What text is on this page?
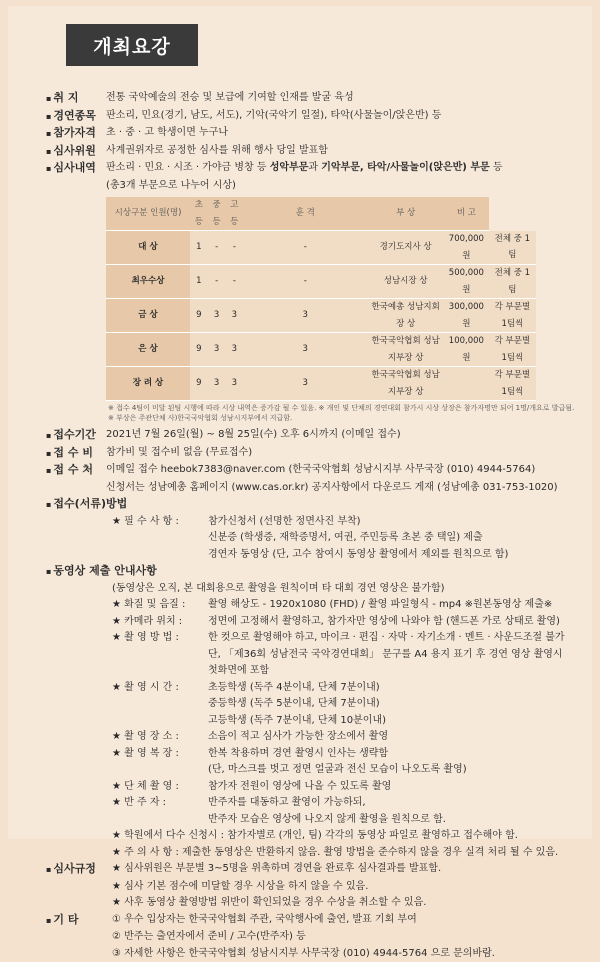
개최요강
▪ 취 지	전통 국악예술의 전승 및 보급에 기여할 인재를 발굴 육성
▪ 경연종목	판소리, 민요(경기, 남도, 서도), 기악(국악기 일절), 타악(사물놀이/앉은반) 등
▪ 참가자격	초 · 중 · 고 학생이면 누구나
▪ 심사위원	사계권위자로 공정한 심사를 위해 행사 당일 발표함
▪ 심사내역	판소리 · 민요 · 시조 · 가야금 병창 등 성악부문과 기악부문, 타악/사물놀이(앉은반) 부문 등
(총3개 부문으로 나누어 시상)
시상구분 인원(명)	초등	중등	고등	훈 격	부 상	비 고	
대 상	1	-	-	-	경기도지사 상	700,000원	전체 중 1팀
최우수상	1	-	-	-	성남시장 상	500,000원	전체 중 1팀
금 상	9	3	3	3	한국예총 성남지회장 상	300,000원	각 부문별 1팀씩
은 상	9	3	3	3	한국국악협회 성남지부장 상	100,000원	각 부문별 1팀씩
장 려 상	9	3	3	3	한국국악협회 성남지부장 상		각 부문별 1팀씩
※ 접수 4팀이 미달 된팀 시행에 따라 시상 내역은 증가감 될 수 있음. ※ 개인 및 단체의 경연대회 참가시 시상 상장은 참가자명만 되어 1명/개요로 발급됨.
※ 부상은 주관단체 사)한국국악협회 성남시지부에서 지급함.
▪ 접수기간	2021년 7월 26일(월) ~ 8월 25일(수) 오후 6시까지 (이메일 접수)
▪ 접 수 비	참가비 및 접수비 없음 (무료접수)
▪ 접 수 처	이메일 접수 heebok7383@naver.com (한국국악협회 성남시지부 사무국장 (010) 4944-5764)
신청서는 성남예총 홈페이지 (www.cas.or.kr) 공지사항에서 다운로드 게재 (성남예총 031-753-1020)
▪ 접수(서류)방법
★ 필 수 사 항 :	참가신청서 (선명한 정면사진 부착)
신분증 (학생증, 재학증명서, 여권, 주민등록 초본 중 택일) 제출
경연자 동영상 (단, 고수 참여시 동영상 촬영에서 제외를 원칙으로 함)
▪ 동영상 제출 안내사항
(동영상은 오직, 본 대회용으로 촬영을 원칙이며 타 대회 경연 영상은 불가함)
★ 화질 및 음질 :	촬영 해상도 - 1920x1080 (FHD) / 촬영 파일형식 - mp4 ※원본동영상 제출※
★ 카메라 위치 :	정면에 고정해서 촬영하고, 참가자만 영상에 나와야 함 (핸드폰 가로 상태로 촬영)
★ 촬 영 방 법 :	한 컷으로 촬영해야 하고, 마이크 · 편집 · 자막 · 자기소개 · 멘트 · 사운드조절 불가
단, 「제36회 성남전국 국악경연대회」 문구를 A4 용지 표기 후 경연 영상 촬영시
첫화면에 포함
★ 촬 영 시 간 :	초등학생 (독주 4분이내, 단체 7분이내)
중등학생 (독주 5분이내, 단체 7분이내)
고등학생 (독주 7분이내, 단체 10분이내)
★ 촬 영 장 소 :	소음이 적고 심사가 가능한 장소에서 촬영
★ 촬 영 복 장 :	한복 착용하며 경연 촬영시 인사는 생략함
(단, 마스크를 벗고 정면 얼굴과 전신 모습이 나오도록 촬영)
★ 단 체 촬 영 :	참가자 전원이 영상에 나올 수 있도록 촬영
★ 반 주 자 :	반주자를 대동하고 촬영이 가능하되,
반주자 모습은 영상에 나오지 않게 촬영을 원칙으로 함.
★ 학원에서 다수 신청시 : 참가자별로 (개인, 팀) 각각의 동영상 파일로 촬영하고 접수해야 함.
★ 주 의 사 항 : 제출한 동영상은 반환하지 않음. 촬영 방법을 준수하지 않을 경우 실격 처리 될 수 있음.
▪ 심사규정	★ 심사위원은 부문별 3~5명을 위촉하며 경연을 완료후 심사결과를 발표함.
★ 심사 기본 점수에 미달할 경우 시상을 하지 않을 수 있음.
★ 사후 동영상 촬영방법 위반이 확인되었을 경우 수상을 취소할 수 있음.
▪ 기 타	① 우수 입상자는 한국국악협회 주관, 국악행사에 출연, 발표 기회 부여
② 반주는 출연자에서 준비 / 고수(반주자) 등
③ 자세한 사항은 한국국악협회 성남시지부 사무국장 (010) 4944-5764 으로 문의바람.
